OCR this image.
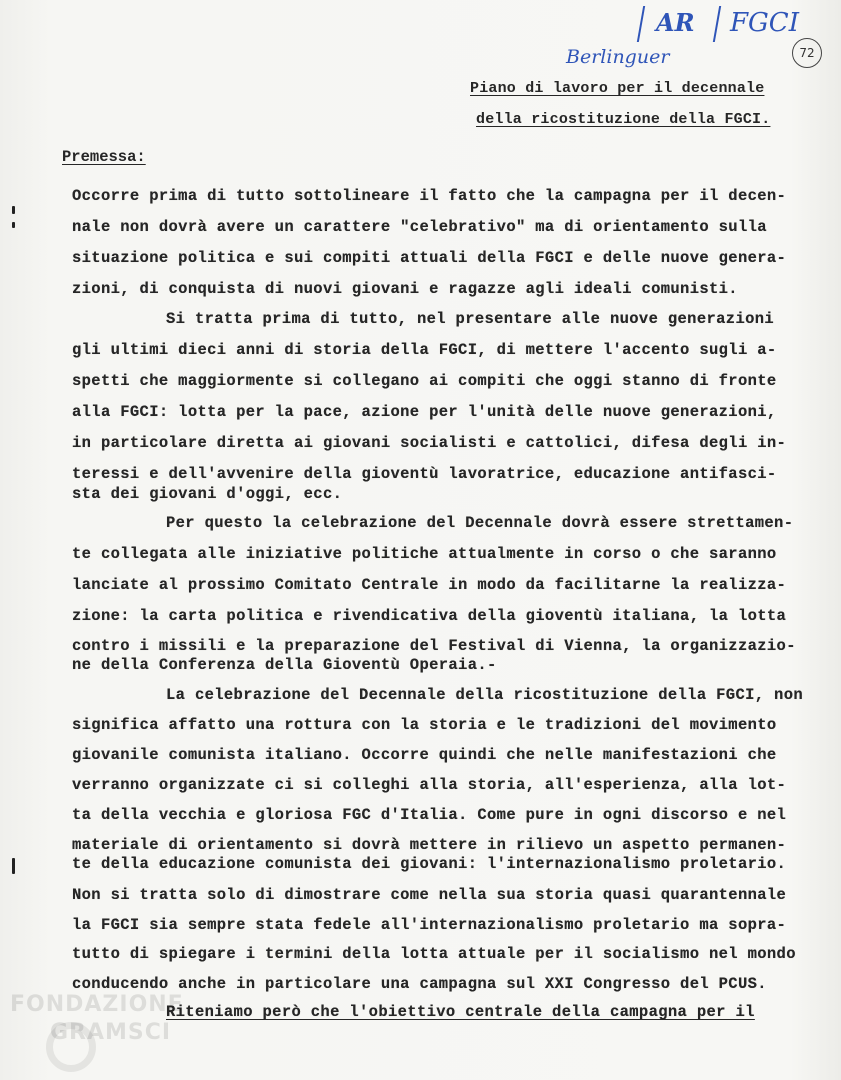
AR FGCI
Berlinguer	72
Piano di lavoro per il decennale
della ricostituzione della FGCI.
Premessa:
Occorre prima di tutto sottolineare il fatto che la campagna per il decen-
nale non dovrà avere un carattere "celebrativo" ma di orientamento sulla
situazione politica e sui compiti attuali della FGCI e delle nuove genera-
zioni, di conquista di nuovi giovani e ragazze agli ideali comunisti.
Si tratta prima di tutto, nel presentare alle nuove generazioni
gli ultimi dieci anni di storia della FGCI, di mettere l'accento sugli a-
spetti che maggiormente si collegano ai compiti che oggi stanno di fronte
alla FGCI: lotta per la pace, azione per l'unità delle nuove generazioni,
in particolare diretta ai giovani socialisti e cattolici, difesa degli in-
teressi e dell'avvenire della gioventù lavoratrice, educazione antifasci-
sta dei giovani d'oggi, ecc.
Per questo la celebrazione del Decennale dovrà essere strettamen-
te collegata alle iniziative politiche attualmente in corso o che saranno
lanciate al prossimo Comitato Centrale in modo da facilitarne la realizza-
zione: la carta politica e rivendicativa della gioventù italiana, la lotta
contro i missili e la preparazione del Festival di Vienna, la organizzazio-
ne della Conferenza della Gioventù Operaia.-
La celebrazione del Decennale della ricostituzione della FGCI, non
significa affatto una rottura con la storia e le tradizioni del movimento
giovanile comunista italiano. Occorre quindi che nelle manifestazioni che
verranno organizzate ci si colleghi alla storia, all'esperienza, alla lot-
ta della vecchia e gloriosa FGC d'Italia. Come pure in ogni discorso e nel
materiale di orientamento si dovrà mettere in rilievo un aspetto permanen-
te della educazione comunista dei giovani: l'internazionalismo proletario.
Non si tratta solo di dimostrare come nella sua storia quasi quarantennale
la FGCI sia sempre stata fedele all'internazionalismo proletario ma sopra-
tutto di spiegare i termini della lotta attuale per il socialismo nel mondo
conducendo anche in particolare una campagna sul XXI Congresso del PCUS.
Riteniamo però che l'obiettivo centrale della campagna per il
FONDAZIONE
GRAMSCI
